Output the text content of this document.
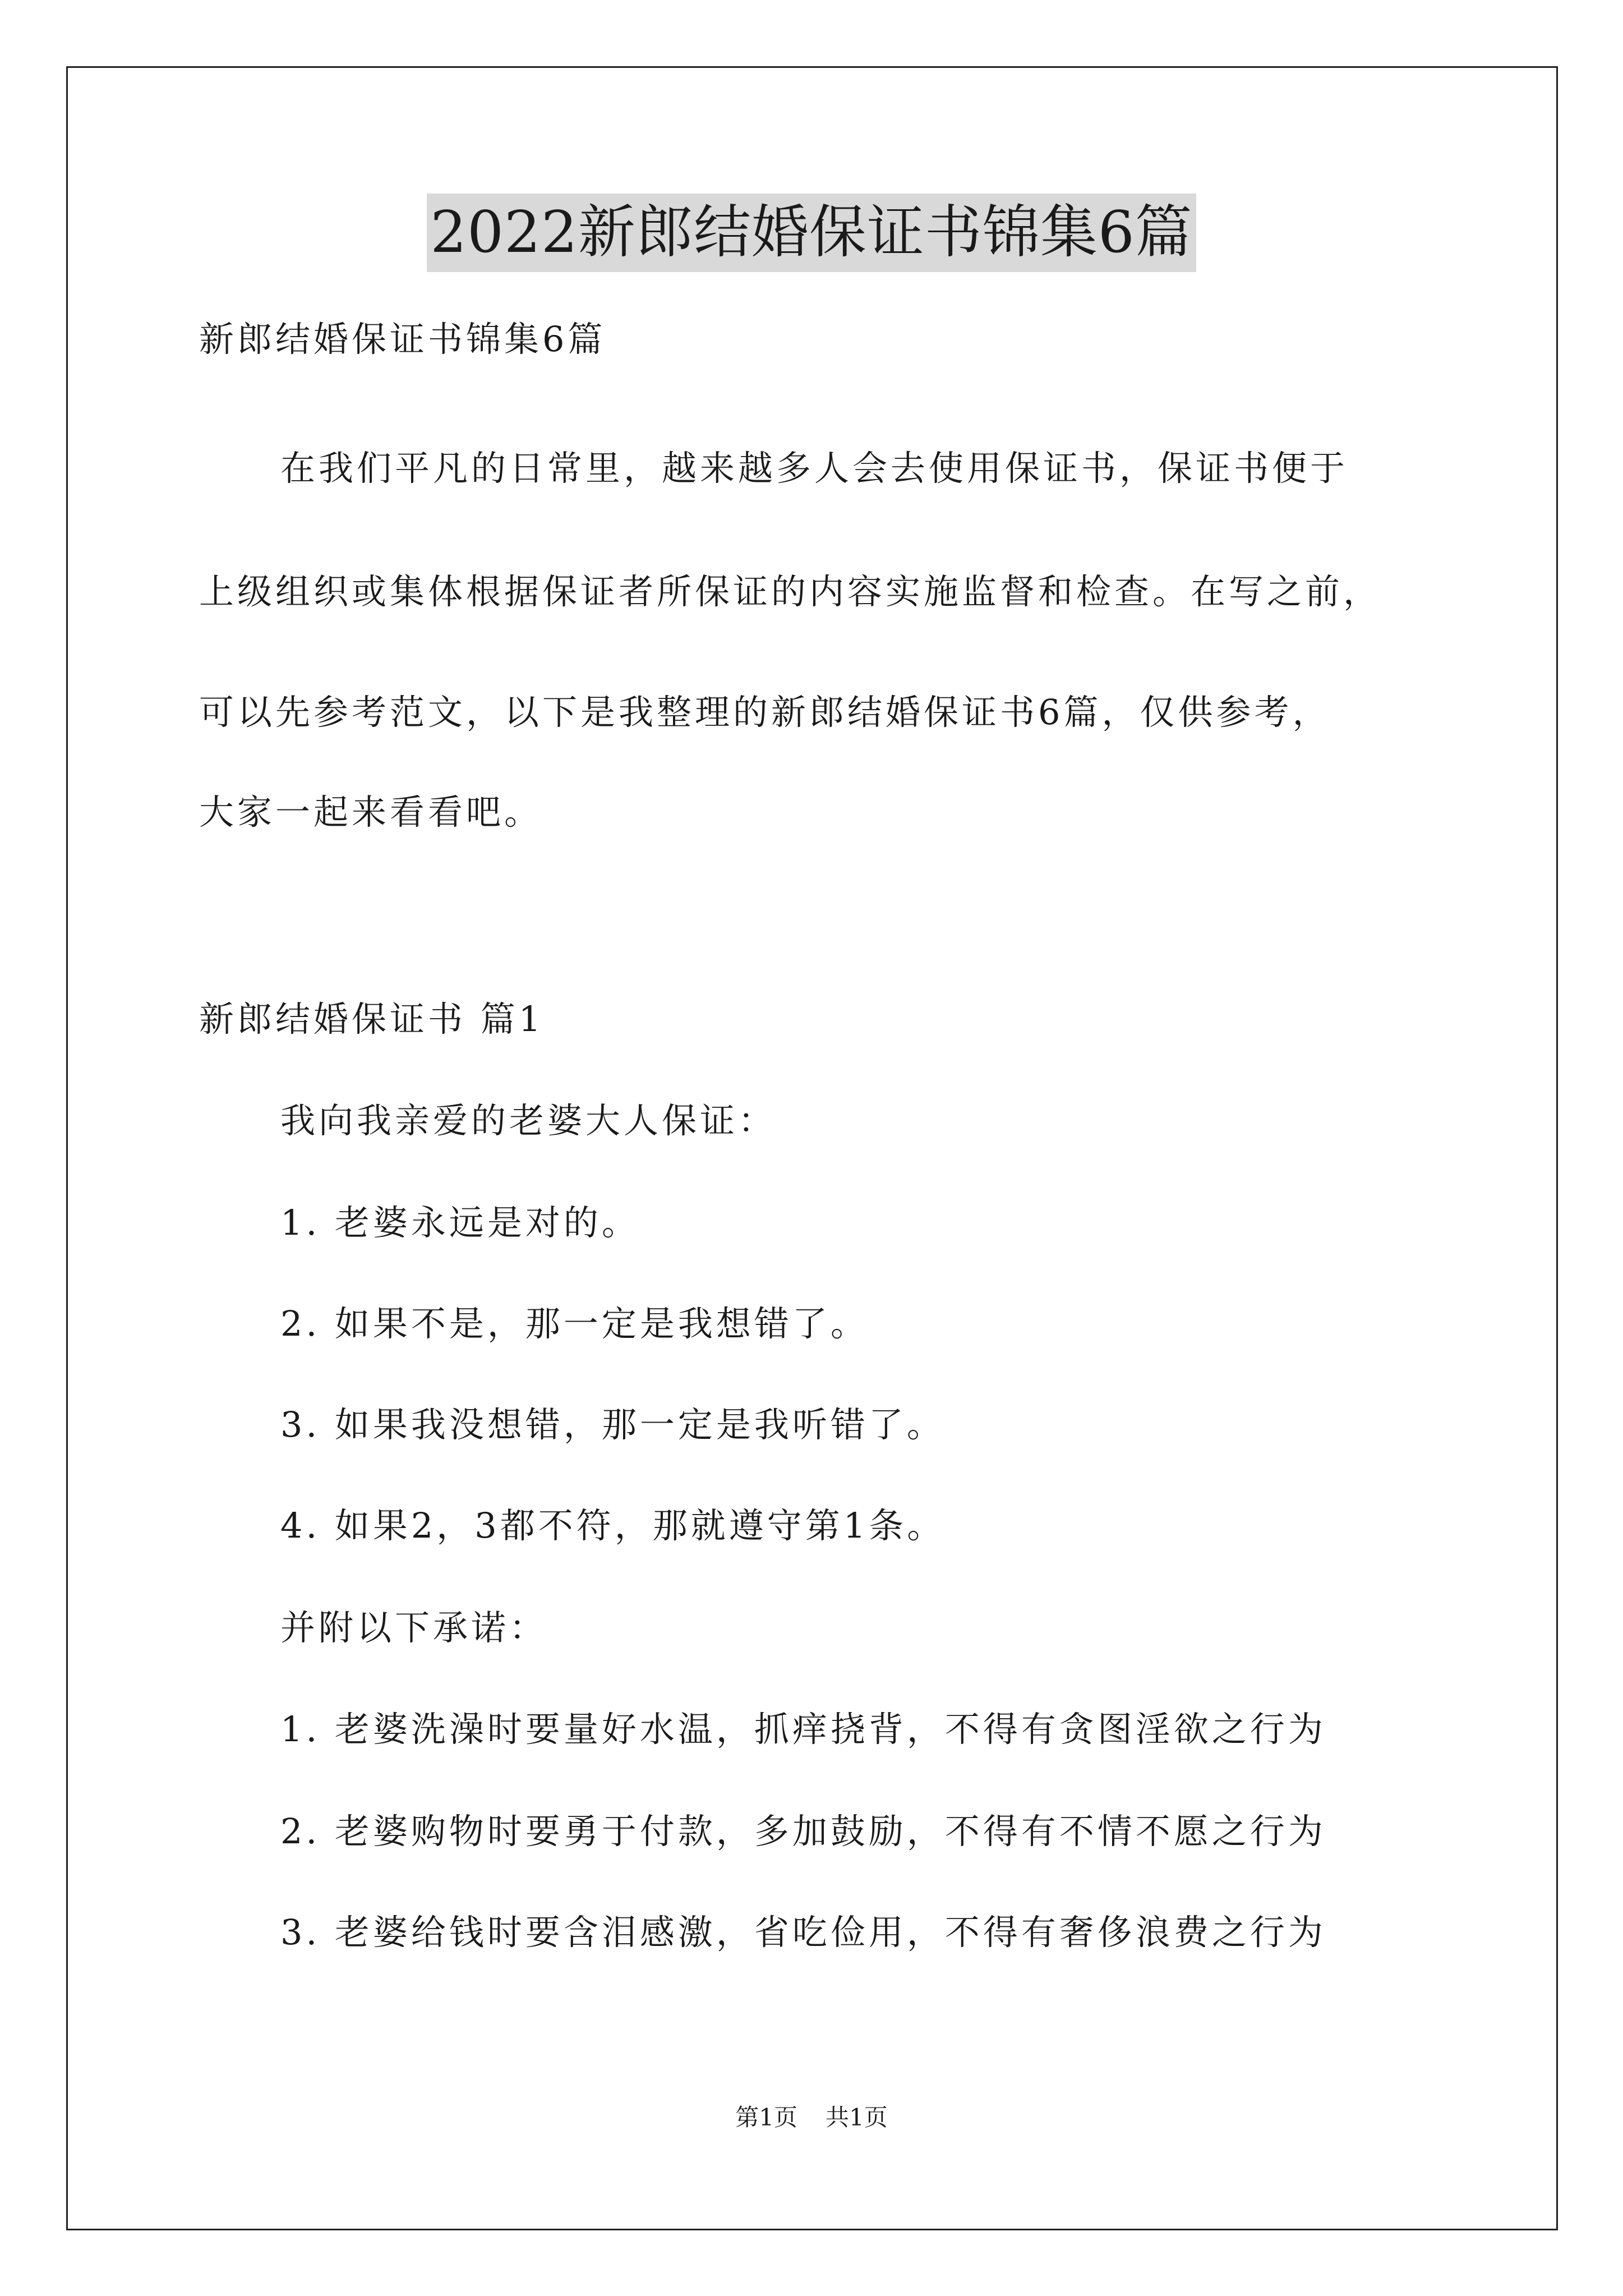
2022新郎结婚保证书锦集6篇
新郎结婚保证书锦集6篇
在我们平凡的日常里，越来越多人会去使用保证书，保证书便于
上级组织或集体根据保证者所保证的内容实施监督和检查。在写之前，
可以先参考范文，以下是我整理的新郎结婚保证书6篇，仅供参考，
大家一起来看看吧。
新郎结婚保证书 篇1
我向我亲爱的老婆大人保证：
1. 老婆永远是对的。
2. 如果不是，那一定是我想错了。
3. 如果我没想错，那一定是我听错了。
4. 如果2，3都不符，那就遵守第1条。
并附以下承诺：
1. 老婆洗澡时要量好水温，抓痒挠背，不得有贪图淫欲之行为
2. 老婆购物时要勇于付款，多加鼓励，不得有不情不愿之行为
3. 老婆给钱时要含泪感激，省吃俭用，不得有奢侈浪费之行为
第1页 共1页
